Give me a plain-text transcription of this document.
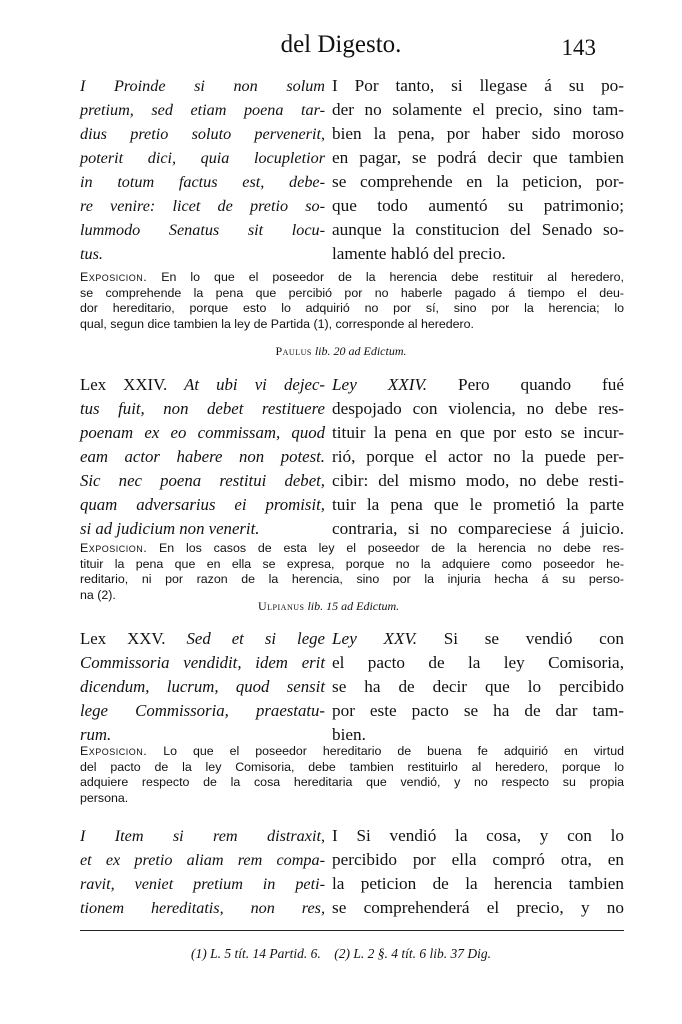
del Digesto.	143
I Proinde si non solum
pretium, sed etiam poena tar-
dius pretio soluto pervenerit,
poterit dici, quia locupletior
in totum factus est, debe-
re venire: licet de pretio so-
lummodo Senatus sit locu-
tus.
I Por tanto, si llegase á su po-
der no solamente el precio, sino tam-
bien la pena, por haber sido moroso
en pagar, se podrá decir que tambien
se comprehende en la peticion, por-
que todo aumentó su patrimonio;
aunque la constitucion del Senado so-
lamente habló del precio.
Exposicion. En lo que el poseedor de la herencia debe restituir al heredero,
se comprehende la pena que percibió por no haberle pagado á tiempo el deu-
dor hereditario, porque esto lo adquirió no por sí, sino por la herencia; lo
qual, segun dice tambien la ley de Partida (1), corresponde al heredero.
Paulus lib. 20 ad Edictum.
Lex XXIV. At ubi vi dejec-
tus fuit, non debet restituere
poenam ex eo commissam, quod
eam actor habere non potest.
Sic nec poena restitui debet,
quam adversarius ei promisit,
si ad judicium non venerit.
Ley XXIV. Pero quando fué
despojado con violencia, no debe res-
tituir la pena en que por esto se incur-
rió, porque el actor no la puede per-
cibir: del mismo modo, no debe resti-
tuir la pena que le prometió la parte
contraria, si no compareciese á juicio.
Exposicion. En los casos de esta ley el poseedor de la herencia no debe res-
tituir la pena que en ella se expresa, porque no la adquiere como poseedor he-
reditario, ni por razon de la herencia, sino por la injuria hecha á su perso-
na (2).
Ulpianus lib. 15 ad Edictum.
Lex XXV. Sed et si lege
Commissoria vendidit, idem erit
dicendum, lucrum, quod sensit
lege Commissoria, praestatu-
rum.
Ley XXV. Si se vendió con
el pacto de la ley Comisoria,
se ha de decir que lo percibido
por este pacto se ha de dar tam-
bien.
Exposicion. Lo que el poseedor hereditario de buena fe adquirió en virtud
del pacto de la ley Comisoria, debe tambien restituirlo al heredero, porque lo
adquiere respecto de la cosa hereditaria que vendió, y no respecto su propia
persona.
I Item si rem distraxit,
et ex pretio aliam rem compa-
ravit, veniet pretium in peti-
tionem hereditatis, non res,
I Si vendió la cosa, y con lo
percibido por ella compró otra, en
la peticion de la herencia tambien
se comprehenderá el precio, y no
(1) L. 5 tít. 14 Partid. 6. (2) L. 2 §. 4 tít. 6 lib. 37 Dig.
